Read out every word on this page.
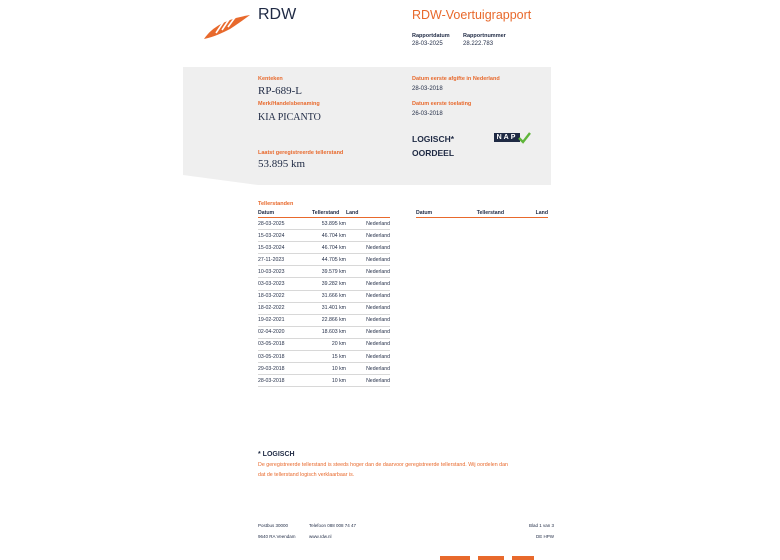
RDW	RDW-Voertuigrapport
Rapportdatum
28-03-2025
Rapportnummer
28.222.783
Kenteken
RP-689-L
Merk/Handelsbenaming
KIA PICANTO
Laatst geregistreerde tellerstand
53.895 km
Datum eerste afgifte in Nederland
28-03-2018
Datum eerste toelating
26-03-2018
LOGISCH*
OORDEEL
NAP
Tellerstanden
Datum	Tellerstand	Land
28-03-2025	53.895 km	Nederland
15-03-2024	46.704 km	Nederland
15-03-2024	46.704 km	Nederland
27-11-2023	44.705 km	Nederland
10-03-2023	39.579 km	Nederland
03-03-2023	39.282 km	Nederland
18-03-2022	31.666 km	Nederland
18-02-2022	31.401 km	Nederland
19-02-2021	22.866 km	Nederland
02-04-2020	18.603 km	Nederland
03-05-2018	20 km	Nederland
03-05-2018	15 km	Nederland
29-03-2018	10 km	Nederland
28-03-2018	10 km	Nederland
Datum	Tellerstand	Land
* LOGISCH
De geregistreerde tellerstand is steeds hoger dan de daarvoor geregistreerde tellerstand. Wij oordelen dan
dat de tellerstand logisch verklaarbaar is.
Postbus 30000	Telefoon 088 008 74 47	Blad 1 van 3
9640 RA Veendam	www.rdw.nl	DE HPW
